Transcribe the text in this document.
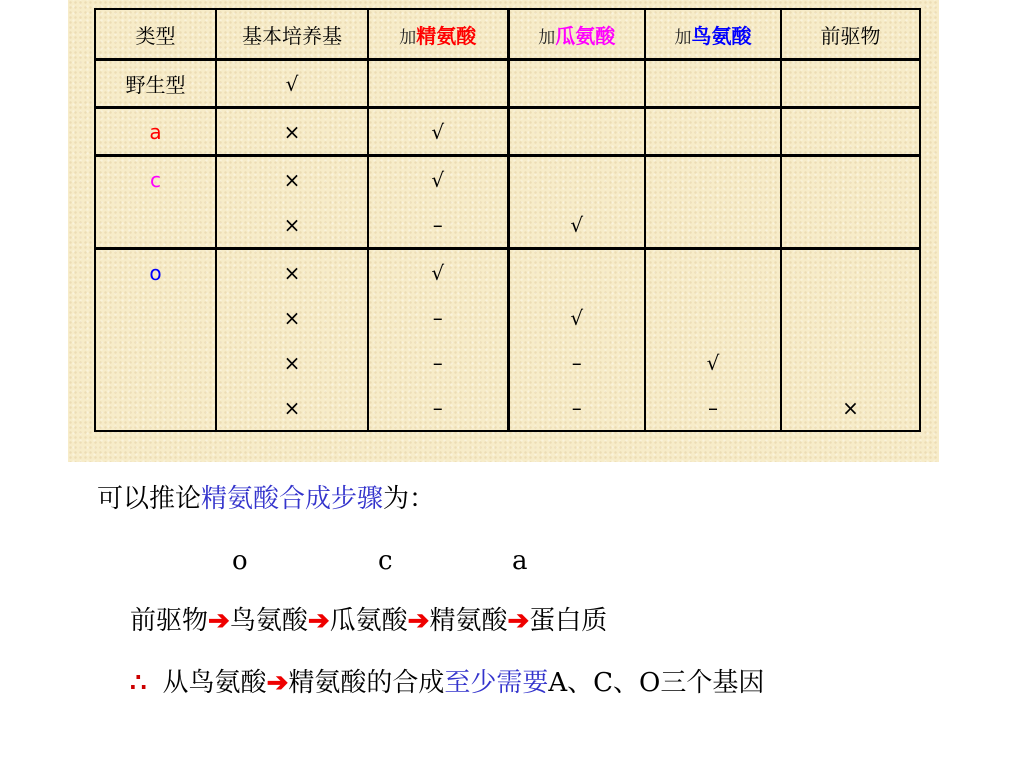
类型	基本培养基	加精氨酸	加瓜氨酸	加鸟氨酸	前驱物
野生型	√				
a	×	√			
c	×	√			
	×	–	√		
o	×	√			
	×	–	√		
	×	–	–	√	
	×	–	–	–	×
可以推论精氨酸合成步骤为：
o	c	a
前驱物➔鸟氨酸➔瓜氨酸➔精氨酸➔蛋白质
∴ 从鸟氨酸➔精氨酸的合成至少需要A、C、O三个基因
